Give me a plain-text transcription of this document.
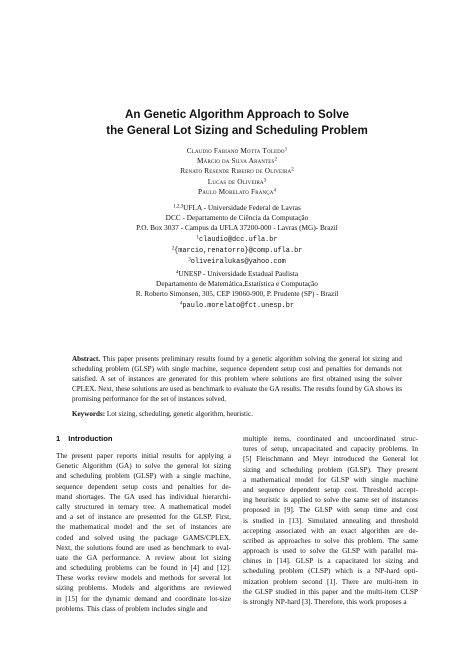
An Genetic Algorithm Approach to Solve
the General Lot Sizing and Scheduling Problem
Claudio Fabiano Motta Toledo$^1$
Márcio da Silva Arantes$^2$
Renato Resende Ribeiro de Oliveira$^2$
Lucas de Oliveira$^3$
Paulo Morelato França$^4$
$^{1,2,3}$UFLA - Universidade Federal de Lavras
DCC - Departamento de Ciência da Computação
P.O. Box 3037 - Campus da UFLA 37200-000 - Lavras (MG)- Brazil
$^1$claudio@dcc.ufla.br
$^2${marcio,renatorro}@comp.ufla.br
$^3$oliveiralukas@yahoo.com
$^4$UNESP - Universidade Estadual Paulista
Departamento de Matemática,Estatística e Computação
R. Roberto Simonsen, 305, CEP 19060-900, P. Prudente (SP) - Brazil
$^4$paulo.morelato@fct.unesp.br
Abstract. This paper presents preliminary results found by a genetic algorithm solving the general lot sizing and scheduling problem (GLSP) with single machine, sequence dependent setup cost and penalties for demands not satisfied. A set of instances are generated for this problem where solutions are first obtained using the solver CPLEX. Next, these solutions are used as benchmark to evaluate the GA results. The results found by GA shows its promising performance for the set of instances solved.
Keywords: Lot sizing, scheduling, genetic algorithm, heuristic.
1 Introduction
The present paper reports initial results for applying a
Genetic Algorithm (GA) to solve the general lot sizing
and scheduling problem (GLSP) with a single machine,
sequence dependent setup costs and penalties for de-
mand shortages. The GA used has individual hierarchi-
cally structured in ternary tree. A mathematical model
and a set of instance are presented for the GLSP. First,
the mathematical model and the set of instances are
coded and solved using the package GAMS/CPLEX.
Next, the solutions found are used as benchmark to eval-
uate the GA performance. A review about lot sizing
and scheduling problems can be found in [4] and [12].
These works review models and methods for several lot
sizing problems. Models and algorithms are reviewed
in [15] for the dynamic demand and coordinate lot-size
problems. This class of problem includes single and
multiple items, coordinated and uncoordinated struc-
tures of setup, uncapacitated and capacity problems. In
[5] Fleischmann and Meyr introduced the General lot
sizing and scheduling problem (GLSP). They present
a mathematical model for GLSP with single machine
and sequence dependent setup cost. Threshold accept-
ing heuristic is applied to solve the same set of instances
proposed in [9]. The GLSP with setup time and cost
is studied in [13]. Simulated annealing and threshold
accepting associated with an exact algorithm are de-
scribed as approaches to solve this problem. The same
approach is used to solve the GLSP with parallel ma-
chines in [14]. GLSP is a capacitated lot sizing and
scheduling problem (CLSP) which is a NP-hard opti-
mization problem second [1]. There are multi-item in
the GLSP studied in this paper and the multi-item CLSP
is strongly NP-hard [3]. Therefore, this work proposes a
